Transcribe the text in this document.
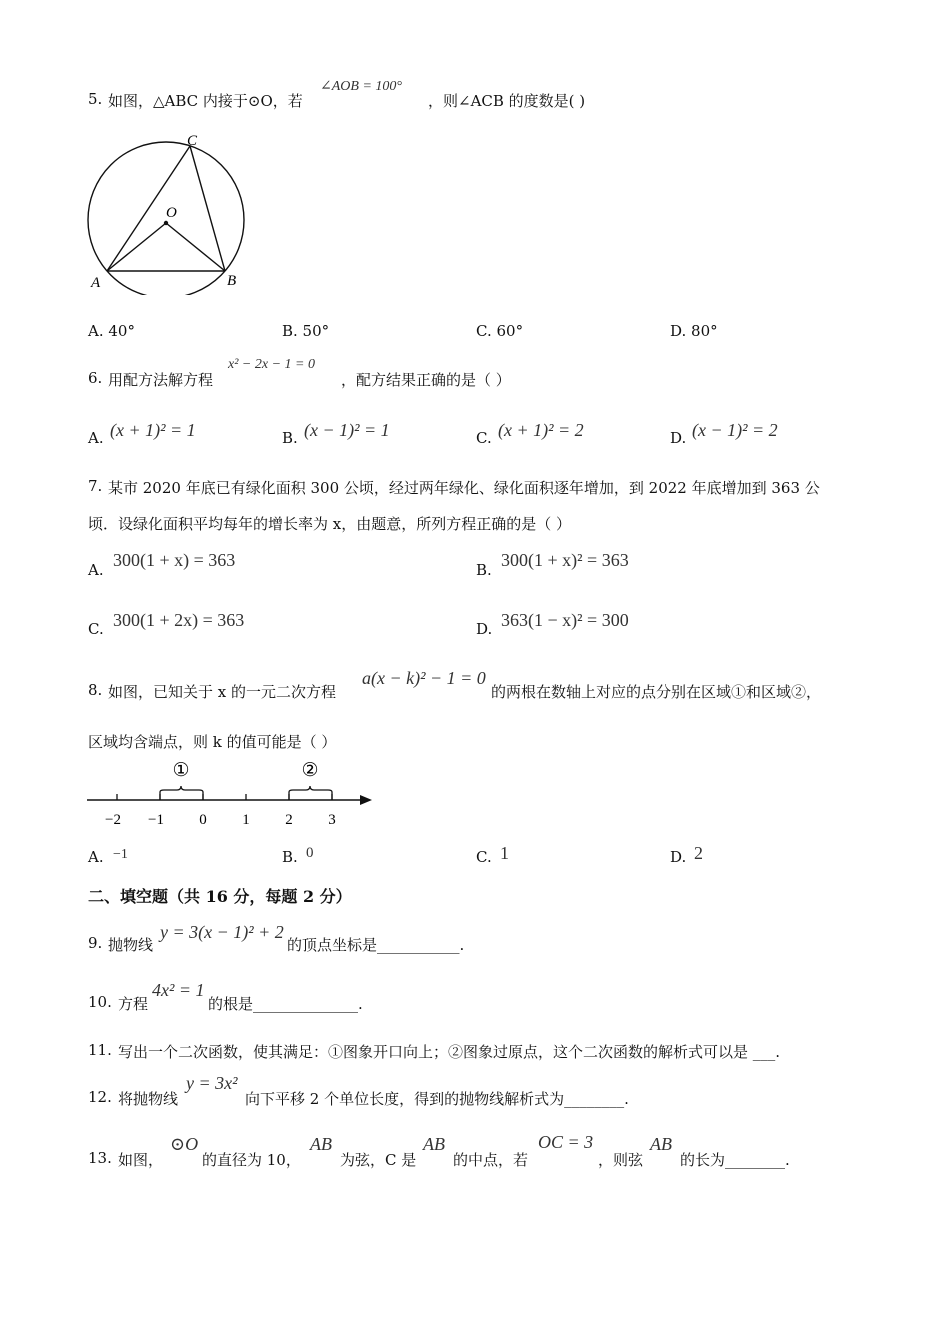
5. 如图，△ABC 内接于⊙O，若
∠AOB = 100°
，则∠ACB 的度数是( )
C
O
A	B
A. 40°	B. 50°	C. 60°	D. 80°
6. 用配方法解方程
x² − 2x − 1 = 0
，配方结果正确的是（ ）
A. (x + 1)² = 1	B. (x − 1)² = 1	C. (x + 1)² = 2	D. (x − 1)² = 2
7. 某市 2020 年底已有绿化面积 300 公顷，经过两年绿化、绿化面积逐年增加，到 2022 年底增加到 363 公
顷．设绿化面积平均每年的增长率为 x，由题意，所列方程正确的是（ ）
A. 300(1 + x) = 363	B. 300(1 + x)² = 363
C. 300(1 + 2x) = 363	D. 363(1 − x)² = 300
8. 如图，已知关于 x 的一元二次方程
a(x − k)² − 1 = 0
的两根在数轴上对应的点分别在区域①和区域②，
区域均含端点，则 k 的值可能是（ ）
①	②
−2 −1 0 1 2 3
A. −1	B. 0	C. 1	D. 2
二、填空题（共 16 分，每题 2 分）
9. 抛物线
y = 3(x − 1)² + 2
的顶点坐标是___________.
10. 方程
4x² = 1
的根是______________.
11. 写出一个二次函数，使其满足：①图象开口向上；②图象过原点，这个二次函数的解析式可以是 ___.
12. 将抛物线
y = 3x²
向下平移 2 个单位长度，得到的抛物线解析式为________.
13. 如图，
⊙O
的直径为 10，
AB
为弦，C 是
AB
的中点，若
OC = 3
，则弦
AB
的长为________.
